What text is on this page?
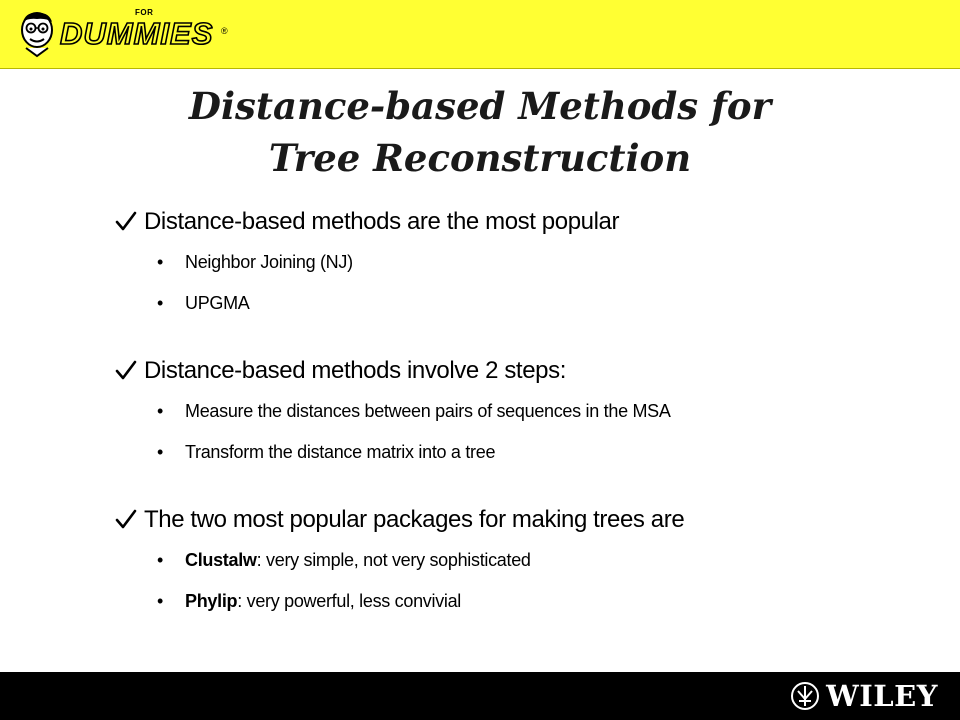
FOR
DUMMIES ®
Distance-based Methods for
Tree Reconstruction
Distance-based methods are the most popular
• Neighbor Joining (NJ)
• UPGMA
Distance-based methods involve 2 steps:
• Measure the distances between pairs of sequences in the MSA
• Transform the distance matrix into a tree
The two most popular packages for making trees are
• Clustalw: very simple, not very sophisticated
• Phylip: very powerful, less convivial
WILEY
